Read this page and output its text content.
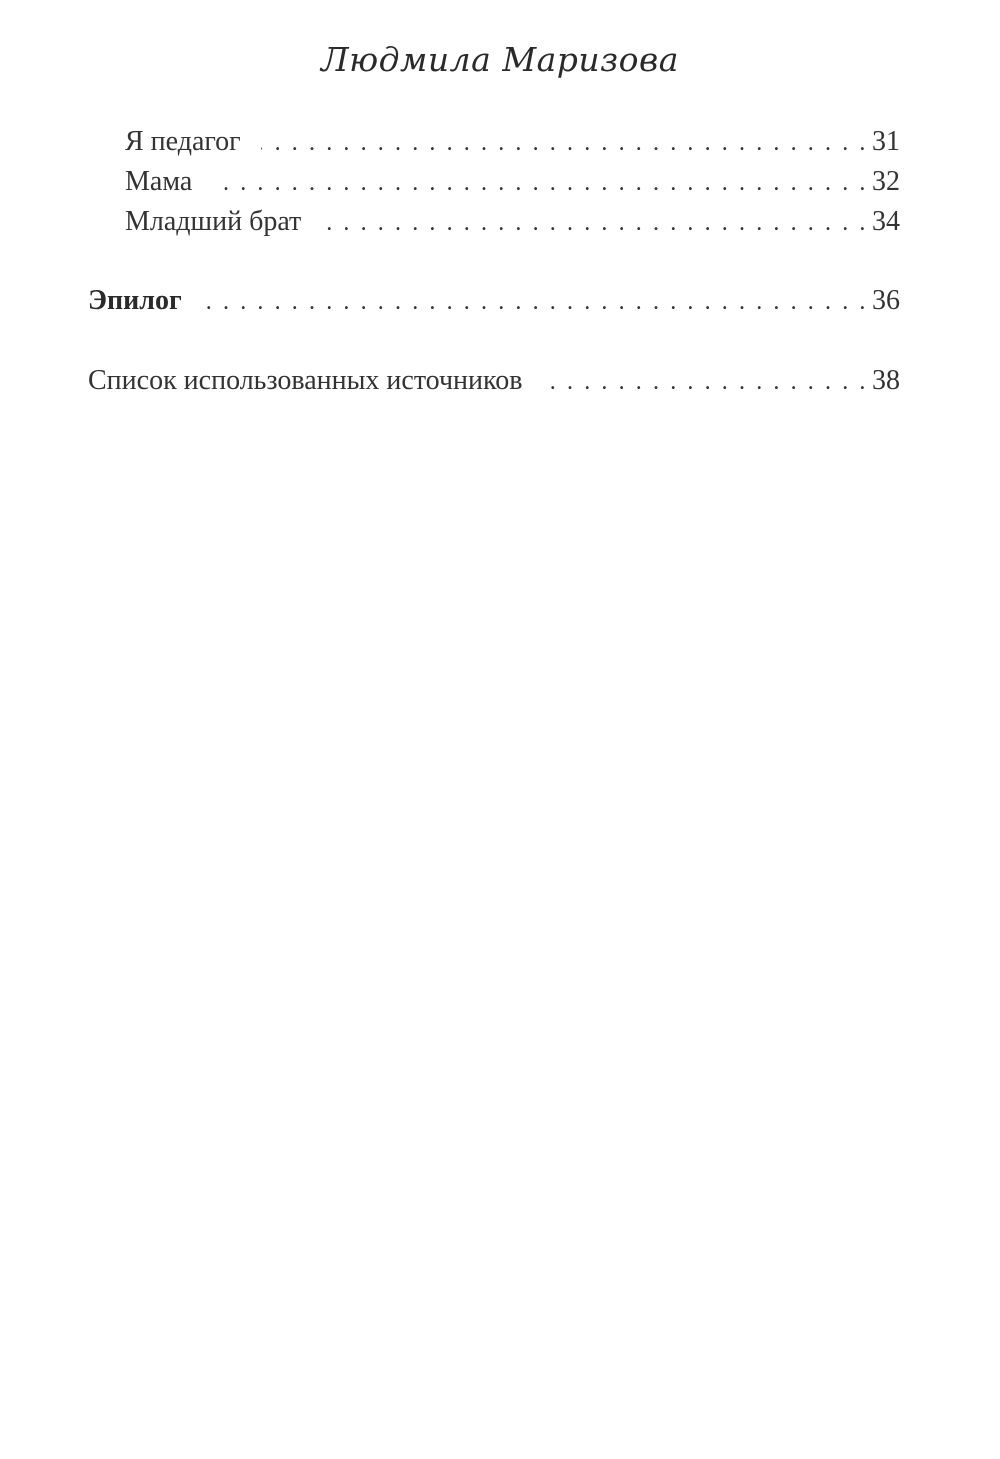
Людмила Маризова
Я педагог . . .	31
Мама . . .	32
Младший брат . . .	34
Эпилог . . .	36
Список использованных источников . . .	38
